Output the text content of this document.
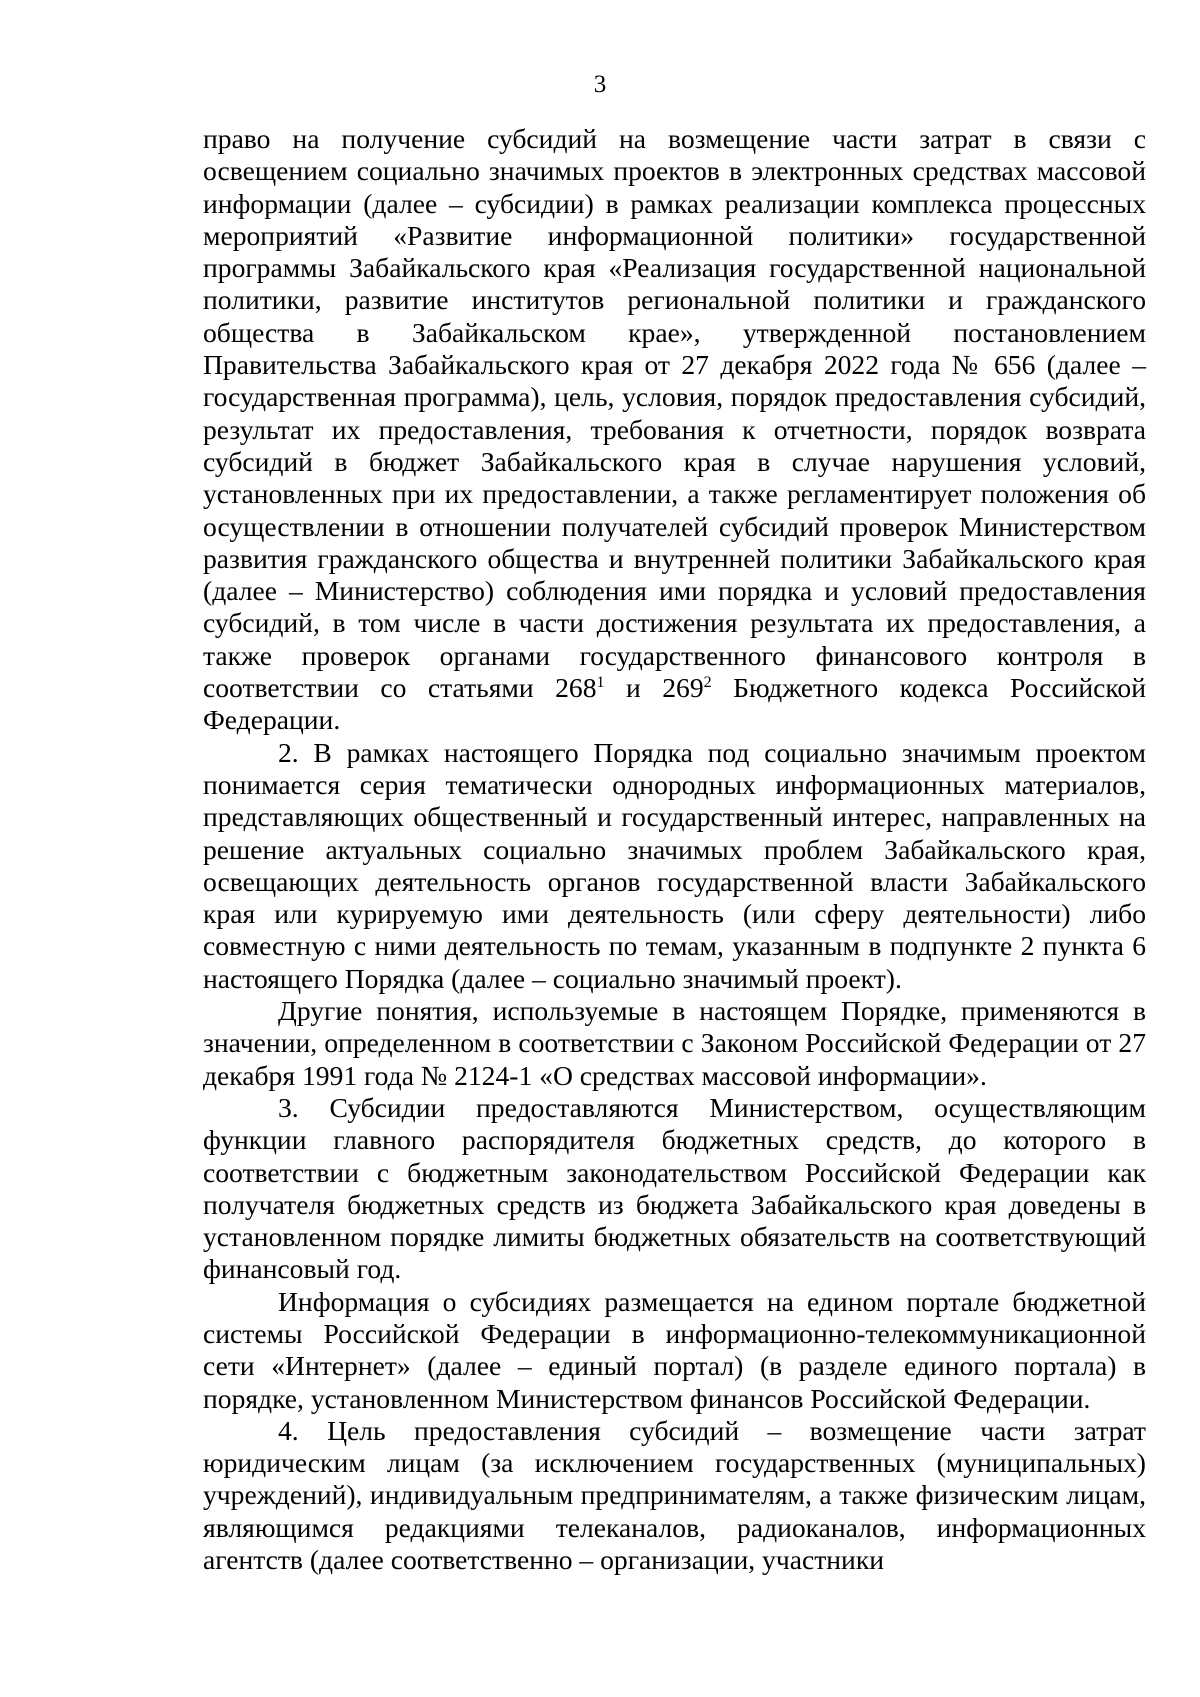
3

право на получение субсидий на возмещение части затрат в связи с освещением социально значимых проектов в электронных средствах массовой информации (далее – субсидии) в рамках реализации комплекса процессных мероприятий «Развитие информационной политики» государственной программы Забайкальского края «Реализация государственной национальной политики, развитие институтов региональной политики и гражданского общества в Забайкальском крае», утвержденной постановлением Правительства Забайкальского края от 27 декабря 2022 года № 656 (далее – государственная программа), цель, условия, порядок предоставления субсидий, результат их предоставления, требования к отчетности, порядок возврата субсидий в бюджет Забайкальского края в случае нарушения условий, установленных при их предоставлении, а также регламентирует положения об осуществлении в отношении получателей субсидий проверок Министерством развития гражданского общества и внутренней политики Забайкальского края (далее – Министерство) соблюдения ими порядка и условий предоставления субсидий, в том числе в части достижения результата их предоставления, а также проверок органами государственного финансового контроля в соответствии со статьями $268^1$ и $269^2$ Бюджетного кодекса Российской Федерации.

2. В рамках настоящего Порядка под социально значимым проектом понимается серия тематически однородных информационных материалов, представляющих общественный и государственный интерес, направленных на решение актуальных социально значимых проблем Забайкальского края, освещающих деятельность органов государственной власти Забайкальского края или курируемую ими деятельность (или сферу деятельности) либо совместную с ними деятельность по темам, указанным в подпункте 2 пункта 6 настоящего Порядка (далее – социально значимый проект).

Другие понятия, используемые в настоящем Порядке, применяются в значении, определенном в соответствии с Законом Российской Федерации от 27 декабря 1991 года № 2124-1 «О средствах массовой информации».

3. Субсидии предоставляются Министерством, осуществляющим функции главного распорядителя бюджетных средств, до которого в соответствии с бюджетным законодательством Российской Федерации как получателя бюджетных средств из бюджета Забайкальского края доведены в установленном порядке лимиты бюджетных обязательств на соответствующий финансовый год.

Информация о субсидиях размещается на едином портале бюджетной системы Российской Федерации в информационно-телекоммуникационной сети «Интернет» (далее – единый портал) (в разделе единого портала) в порядке, установленном Министерством финансов Российской Федерации.

4. Цель предоставления субсидий – возмещение части затрат юридическим лицам (за исключением государственных (муниципальных) учреждений), индивидуальным предпринимателям, а также физическим лицам, являющимся редакциями телеканалов, радиоканалов, информационных агентств (далее соответственно – организации, участники
